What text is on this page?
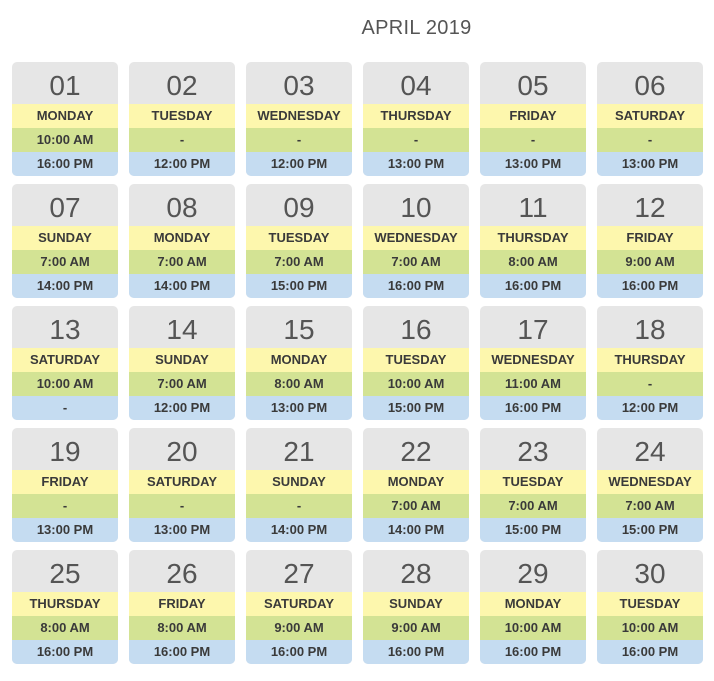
APRIL 2019
01
MONDAY
10:00 AM
16:00 PM
02
TUESDAY
-
12:00 PM
03
WEDNESDAY
-
12:00 PM
04
THURSDAY
-
13:00 PM
05
FRIDAY
-
13:00 PM
06
SATURDAY
-
13:00 PM
07
SUNDAY
7:00 AM
14:00 PM
08
MONDAY
7:00 AM
14:00 PM
09
TUESDAY
7:00 AM
15:00 PM
10
WEDNESDAY
7:00 AM
16:00 PM
11
THURSDAY
8:00 AM
16:00 PM
12
FRIDAY
9:00 AM
16:00 PM
13
SATURDAY
10:00 AM
-
14
SUNDAY
7:00 AM
12:00 PM
15
MONDAY
8:00 AM
13:00 PM
16
TUESDAY
10:00 AM
15:00 PM
17
WEDNESDAY
11:00 AM
16:00 PM
18
THURSDAY
-
12:00 PM
19
FRIDAY
-
13:00 PM
20
SATURDAY
-
13:00 PM
21
SUNDAY
-
14:00 PM
22
MONDAY
7:00 AM
14:00 PM
23
TUESDAY
7:00 AM
15:00 PM
24
WEDNESDAY
7:00 AM
15:00 PM
25
THURSDAY
8:00 AM
16:00 PM
26
FRIDAY
8:00 AM
16:00 PM
27
SATURDAY
9:00 AM
16:00 PM
28
SUNDAY
9:00 AM
16:00 PM
29
MONDAY
10:00 AM
16:00 PM
30
TUESDAY
10:00 AM
16:00 PM
